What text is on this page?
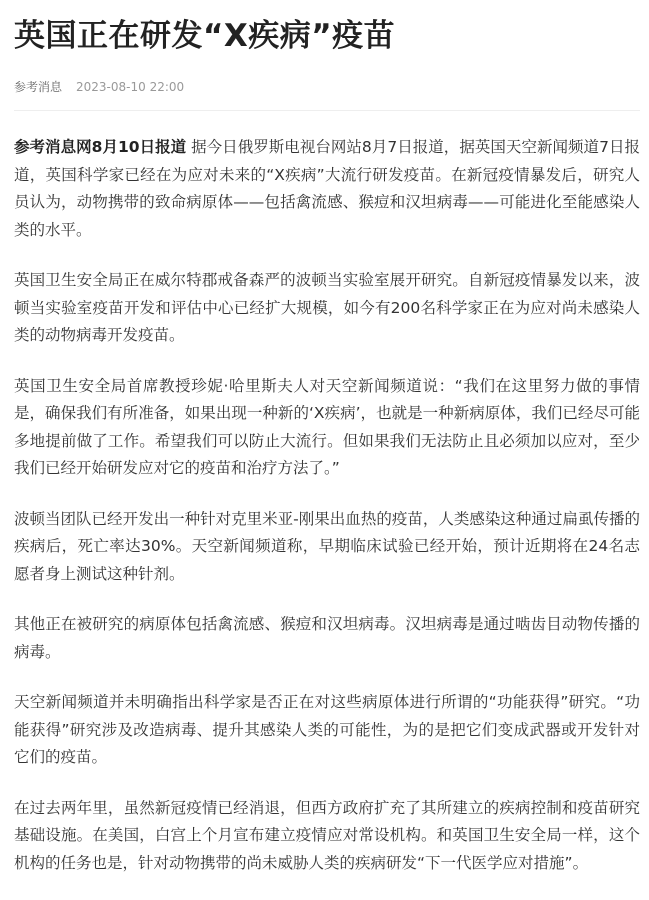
英国正在研发“X疾病”疫苗
参考消息 2023-08-10 22:00

参考消息网8月10日报道 据今日俄罗斯电视台网站8月7日报道，据英国天空新闻频道7日报道，英国科学家已经在为应对未来的“X疾病”大流行研发疫苗。在新冠疫情暴发后，研究人员认为，动物携带的致命病原体——包括禽流感、猴痘和汉坦病毒——可能进化至能感染人类的水平。

英国卫生安全局正在威尔特郡戒备森严的波顿当实验室展开研究。自新冠疫情暴发以来，波顿当实验室疫苗开发和评估中心已经扩大规模，如今有200名科学家正在为应对尚未感染人类的动物病毒开发疫苗。

英国卫生安全局首席教授珍妮·哈里斯夫人对天空新闻频道说：“我们在这里努力做的事情是，确保我们有所准备，如果出现一种新的‘X疾病’，也就是一种新病原体，我们已经尽可能多地提前做了工作。希望我们可以防止大流行。但如果我们无法防止且必须加以应对，至少我们已经开始研发应对它的疫苗和治疗方法了。”

波顿当团队已经开发出一种针对克里米亚-刚果出血热的疫苗，人类感染这种通过扁虱传播的疾病后，死亡率达30%。天空新闻频道称，早期临床试验已经开始，预计近期将在24名志愿者身上测试这种针剂。

其他正在被研究的病原体包括禽流感、猴痘和汉坦病毒。汉坦病毒是通过啮齿目动物传播的病毒。

天空新闻频道并未明确指出科学家是否正在对这些病原体进行所谓的“功能获得”研究。“功能获得”研究涉及改造病毒、提升其感染人类的可能性，为的是把它们变成武器或开发针对它们的疫苗。

在过去两年里，虽然新冠疫情已经消退，但西方政府扩充了其所建立的疾病控制和疫苗研究基础设施。在美国，白宫上个月宣布建立疫情应对常设机构。和英国卫生安全局一样，这个机构的任务也是，针对动物携带的尚未威胁人类的疾病研发“下一代医学应对措施”。
